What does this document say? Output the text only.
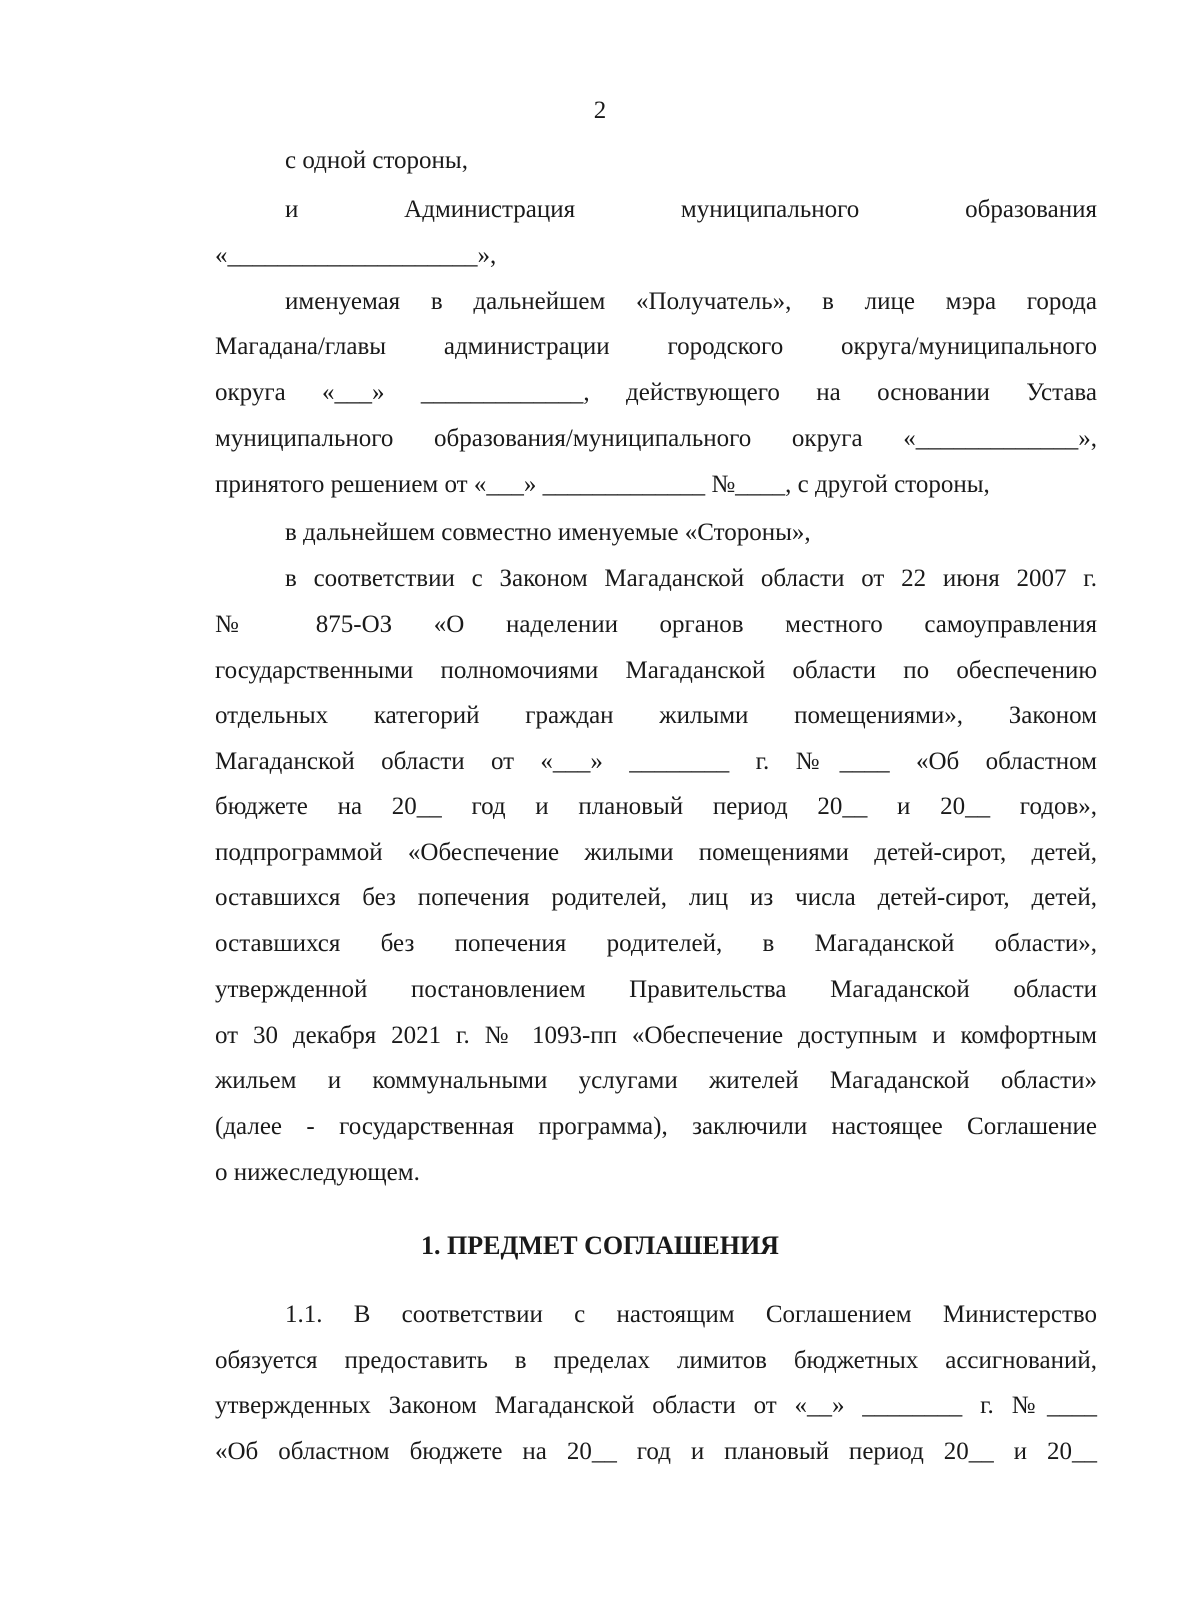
2
с одной стороны,
и Администрация муниципального образования
«____________________»,
именуемая в дальнейшем «Получатель», в лице мэра города
Магадана/главы администрации городского округа/муниципального
округа «___» _____________, действующего на основании Устава
муниципального образования/муниципального округа «_____________»,
принятого решением от «___» _____________ №____, с другой стороны,
в дальнейшем совместно именуемые «Стороны»,
в соответствии с Законом Магаданской области от 22 июня 2007 г.
№ 875-ОЗ «О наделении органов местного самоуправления
государственными полномочиями Магаданской области по обеспечению
отдельных категорий граждан жилыми помещениями», Законом
Магаданской области от «___» ________ г. №____ «Об областном
бюджете на 20__ год и плановый период 20__ и 20__ годов»,
подпрограммой «Обеспечение жилыми помещениями детей-сирот, детей,
оставшихся без попечения родителей, лиц из числа детей-сирот, детей,
оставшихся без попечения родителей, в Магаданской области»,
утвержденной постановлением Правительства Магаданской области
от 30 декабря 2021 г. № 1093-пп «Обеспечение доступным и комфортным
жильем и коммунальными услугами жителей Магаданской области»
(далее - государственная программа), заключили настоящее Соглашение
о нижеследующем.
1. ПРЕДМЕТ СОГЛАШЕНИЯ
1.1. В соответствии с настоящим Соглашением Министерство
обязуется предоставить в пределах лимитов бюджетных ассигнований,
утвержденных Законом Магаданской области от «__» ________ г. №____
«Об областном бюджете на 20__ год и плановый период 20__ и 20__
